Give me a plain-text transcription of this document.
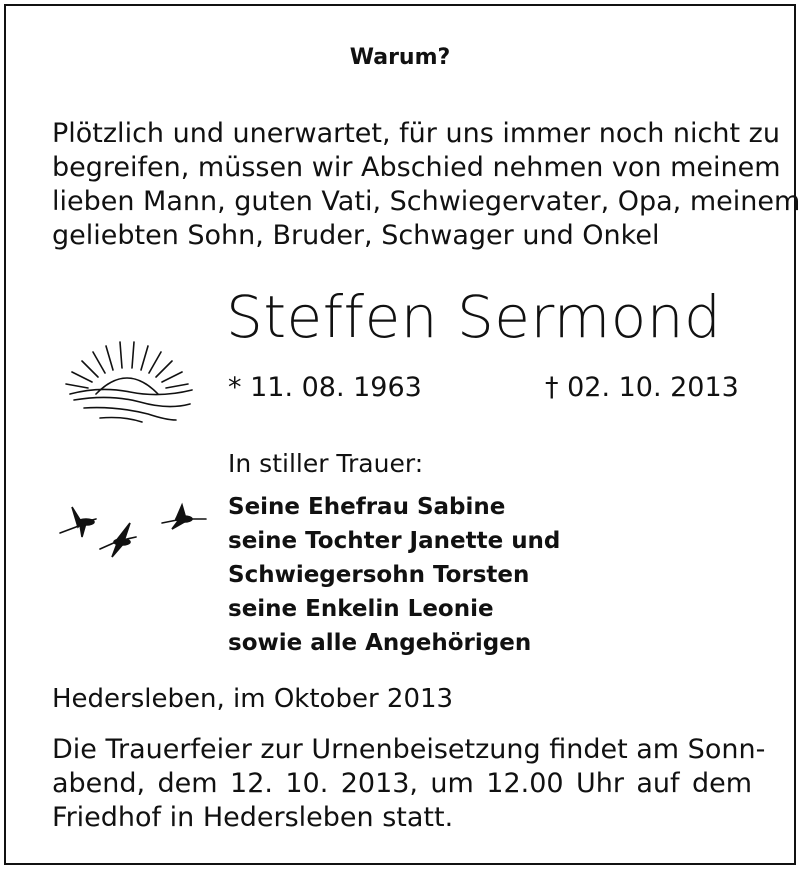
Warum?
Plötzlich und unerwartet, für uns immer noch nicht zu
begreifen, müssen wir Abschied nehmen von meinem
lieben Mann, guten Vati, Schwiegervater, Opa, meinem
geliebten Sohn, Bruder, Schwager und Onkel
Steffen Sermond
* 11. 08. 1963	† 02. 10. 2013
In stiller Trauer:
Seine Ehefrau Sabine
seine Tochter Janette und
Schwiegersohn Torsten
seine Enkelin Leonie
sowie alle Angehörigen
Hedersleben, im Oktober 2013
Die Trauerfeier zur Urnenbeisetzung findet am Sonn-
abend, dem 12. 10. 2013, um 12.00 Uhr auf dem
Friedhof in Hedersleben statt.
